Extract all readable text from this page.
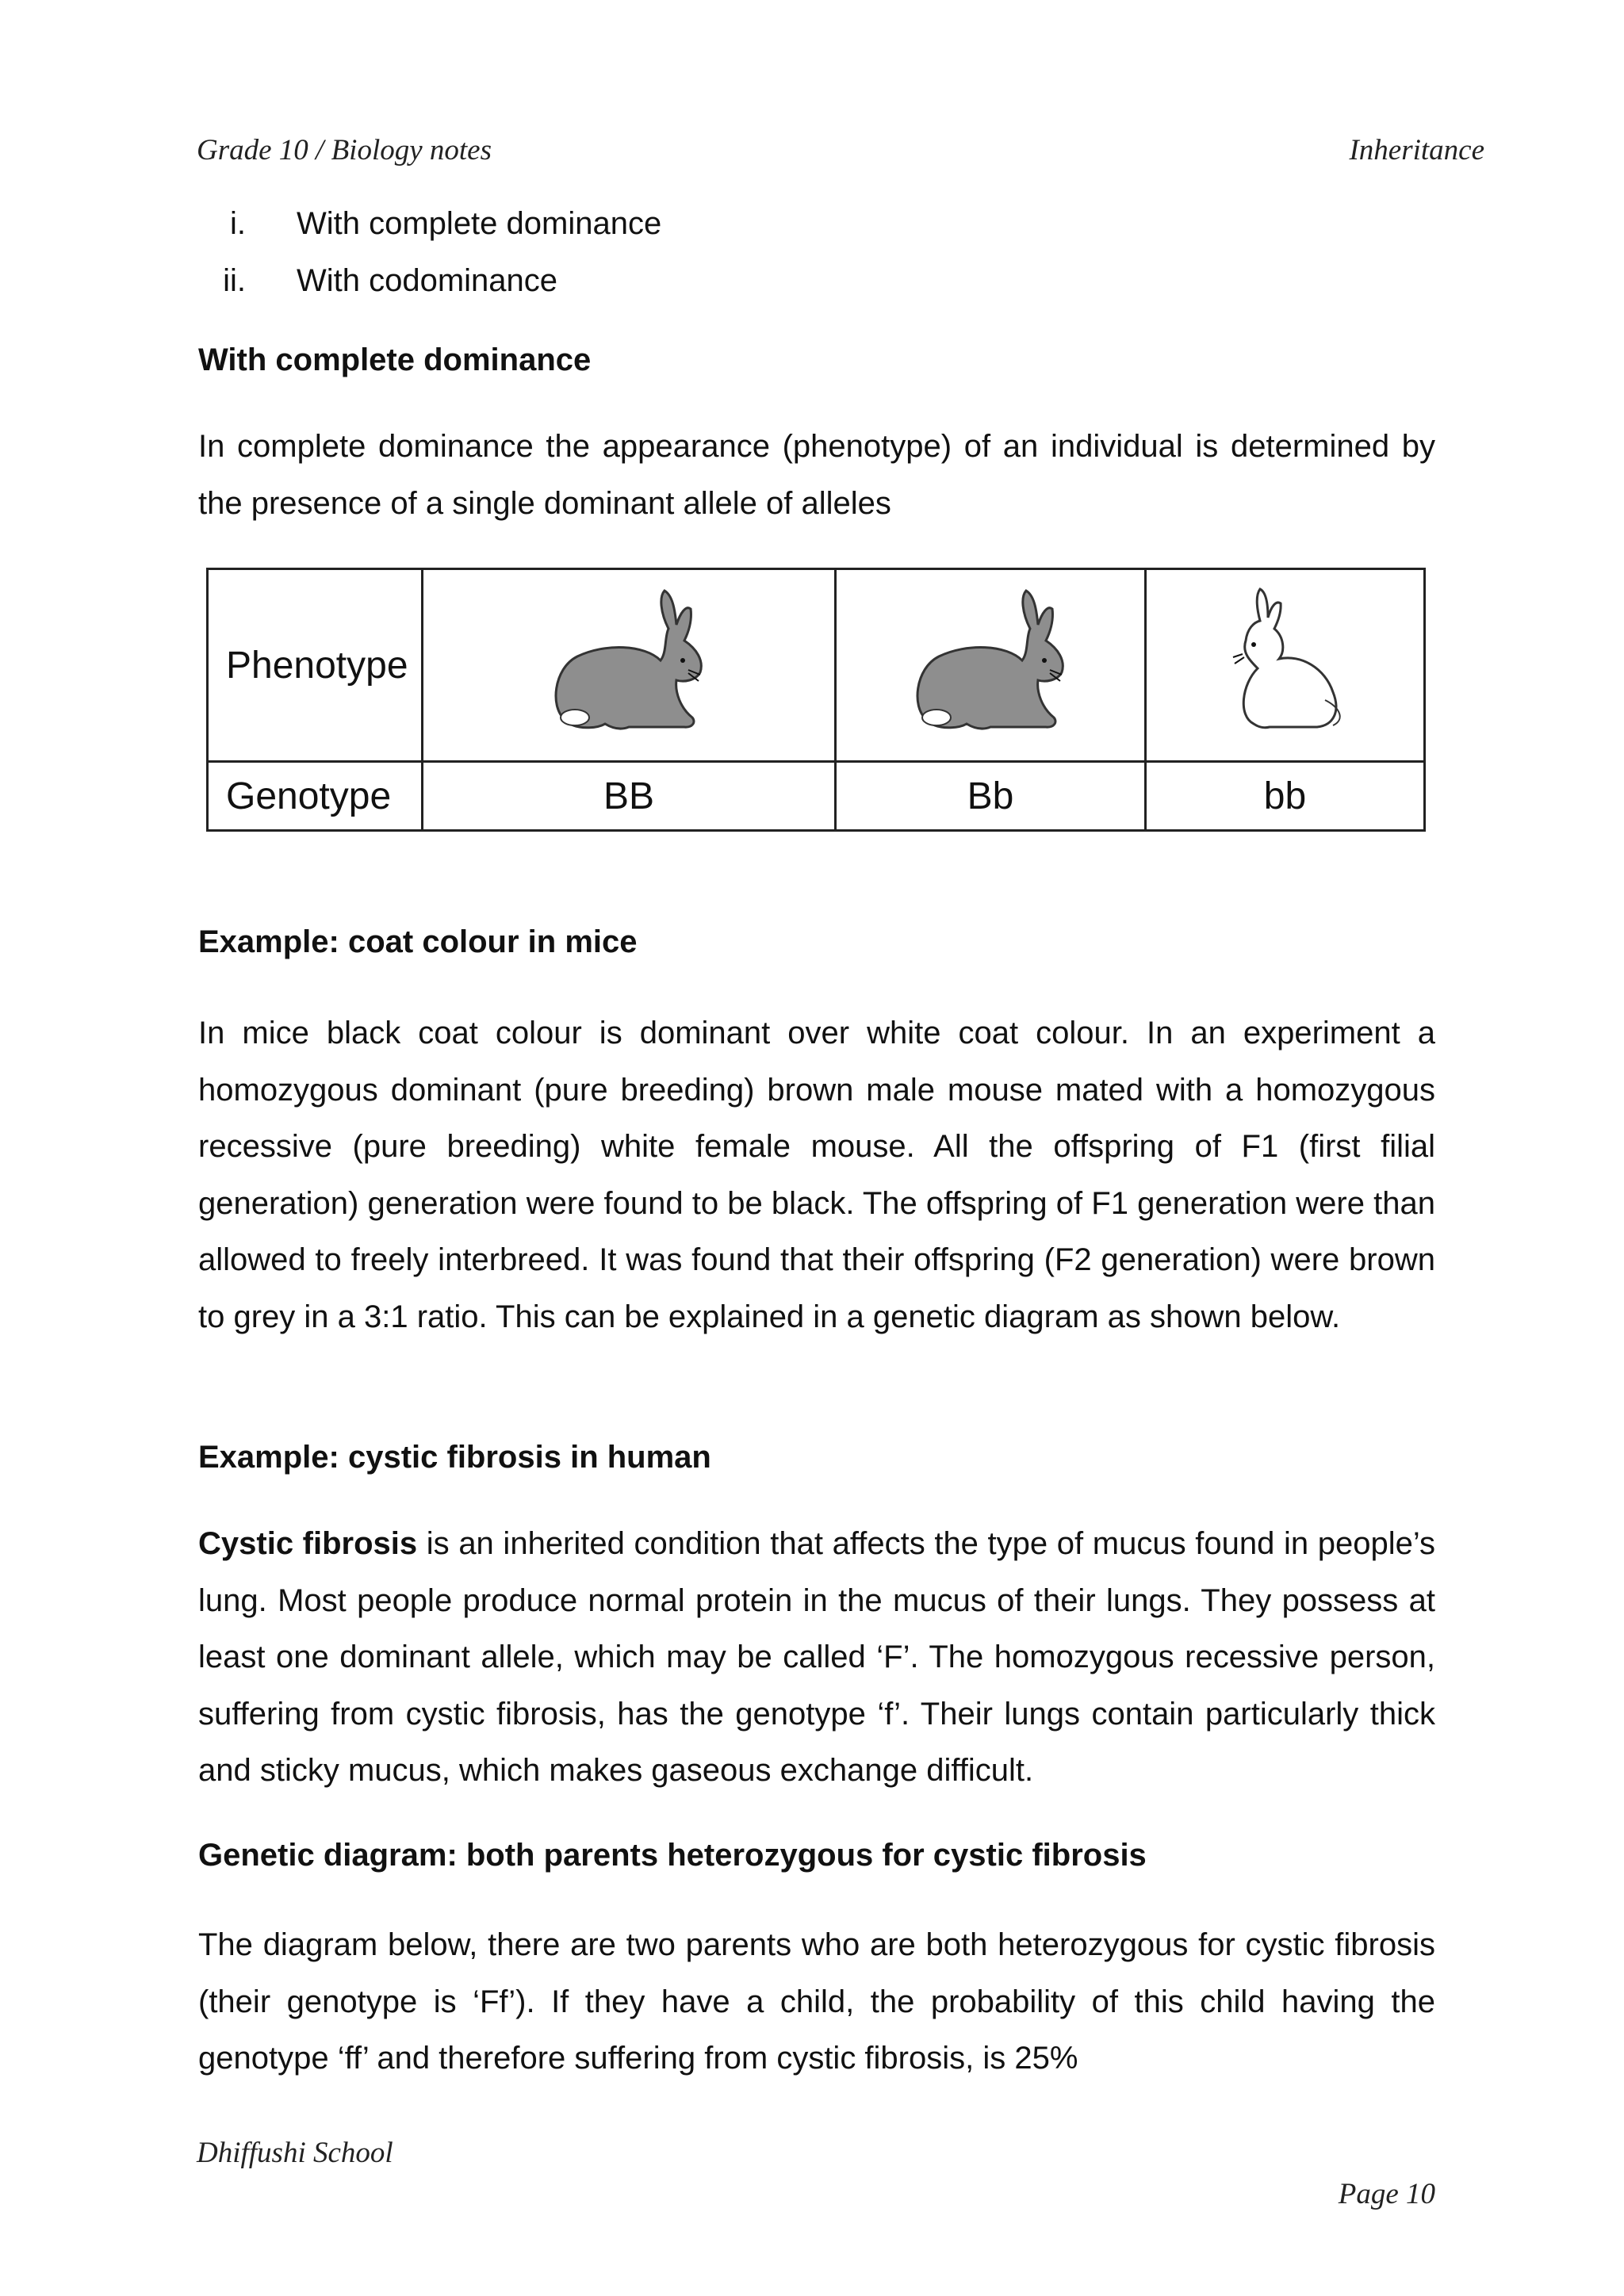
Grade 10 / Biology notes	Inheritance
i.	With complete dominance
ii.	With codominance
With complete dominance
In complete dominance the appearance (phenotype) of an individual is determined by the presence of a single dominant allele of alleles
Phenotype			
Genotype	BB	Bb	bb
Example: coat colour in mice
In mice black coat colour is dominant over white coat colour. In an experiment a homozygous dominant (pure breeding) brown male mouse mated with a homozygous recessive (pure breeding) white female mouse. All the offspring of F1 (first filial generation) generation were found to be black. The offspring of F1 generation were than allowed to freely interbreed. It was found that their offspring (F2 generation) were brown to grey in a 3:1 ratio. This can be explained in a genetic diagram as shown below.
Example: cystic fibrosis in human
Cystic fibrosis is an inherited condition that affects the type of mucus found in people’s lung. Most people produce normal protein in the mucus of their lungs. They possess at least one dominant allele, which may be called ‘F’. The homozygous recessive person, suffering from cystic fibrosis, has the genotype ‘f’. Their lungs contain particularly thick and sticky mucus, which makes gaseous exchange difficult.
Genetic diagram: both parents heterozygous for cystic fibrosis
The diagram below, there are two parents who are both heterozygous for cystic fibrosis (their genotype is ‘Ff’). If they have a child, the probability of this child having the genotype ‘ff’ and therefore suffering from cystic fibrosis, is 25%
Dhiffushi School
Page 10
